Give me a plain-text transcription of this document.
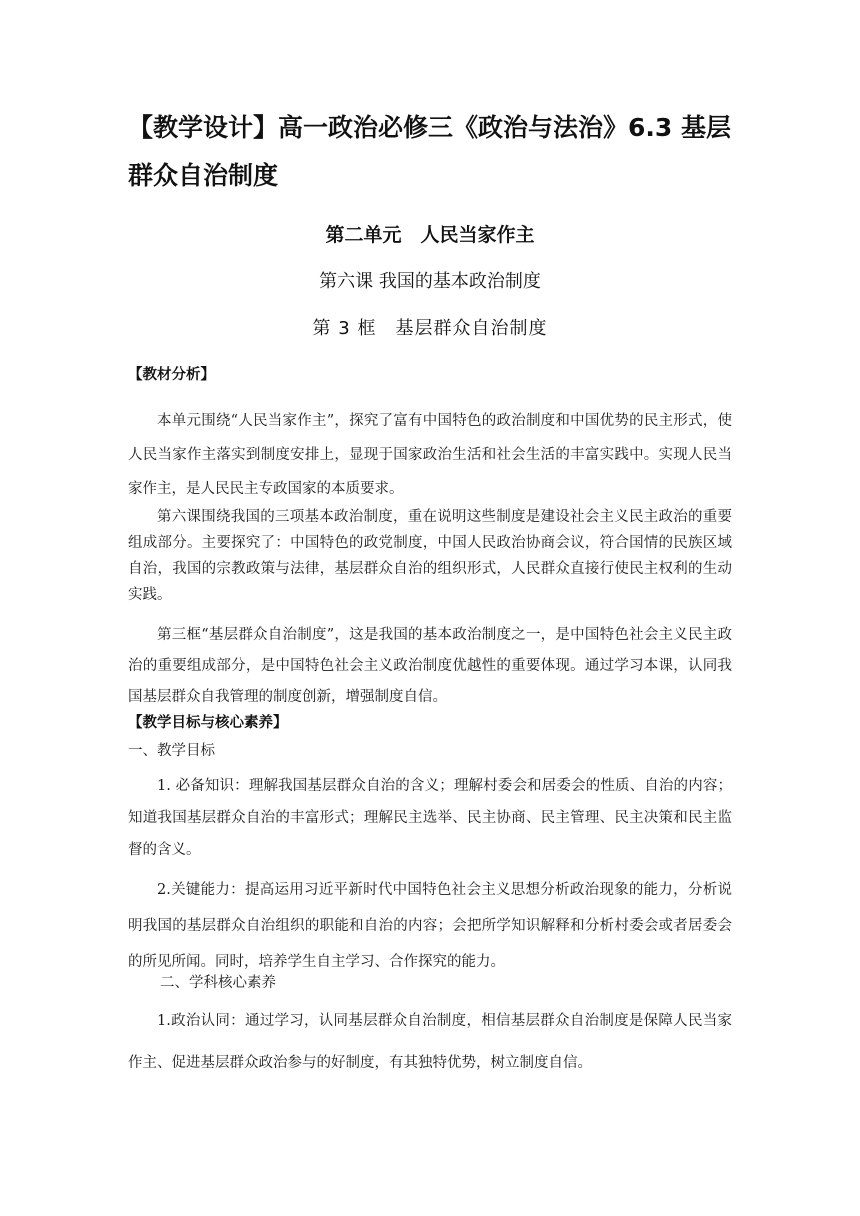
【教学设计】高一政治必修三《政治与法治》6.3 基层群众自治制度
第二单元　人民当家作主
第六课 我国的基本政治制度
第 3 框　基层群众自治制度

【教材分析】

本单元围绕“人民当家作主”，探究了富有中国特色的政治制度和中国优势的民主形式，使人民当家作主落实到制度安排上，显现于国家政治生活和社会生活的丰富实践中。实现人民当家作主，是人民民主专政国家的本质要求。

第六课围绕我国的三项基本政治制度，重在说明这些制度是建设社会主义民主政治的重要组成部分。主要探究了：中国特色的政党制度，中国人民政治协商会议，符合国情的民族区域自治，我国的宗教政策与法律，基层群众自治的组织形式，人民群众直接行使民主权利的生动实践。

第三框“基层群众自治制度”，这是我国的基本政治制度之一，是中国特色社会主义民主政治的重要组成部分，是中国特色社会主义政治制度优越性的重要体现。通过学习本课，认同我国基层群众自我管理的制度创新，增强制度自信。

【教学目标与核心素养】

一、教学目标

1. 必备知识：理解我国基层群众自治的含义；理解村委会和居委会的性质、自治的内容；知道我国基层群众自治的丰富形式；理解民主选举、民主协商、民主管理、民主决策和民主监督的含义。

2.关键能力：提高运用习近平新时代中国特色社会主义思想分析政治现象的能力，分析说明我国的基层群众自治组织的职能和自治的内容；会把所学知识解释和分析村委会或者居委会的所见所闻。同时，培养学生自主学习、合作探究的能力。

二、学科核心素养

1.政治认同：通过学习，认同基层群众自治制度，相信基层群众自治制度是保障人民当家作主、促进基层群众政治参与的好制度，有其独特优势，树立制度自信。
